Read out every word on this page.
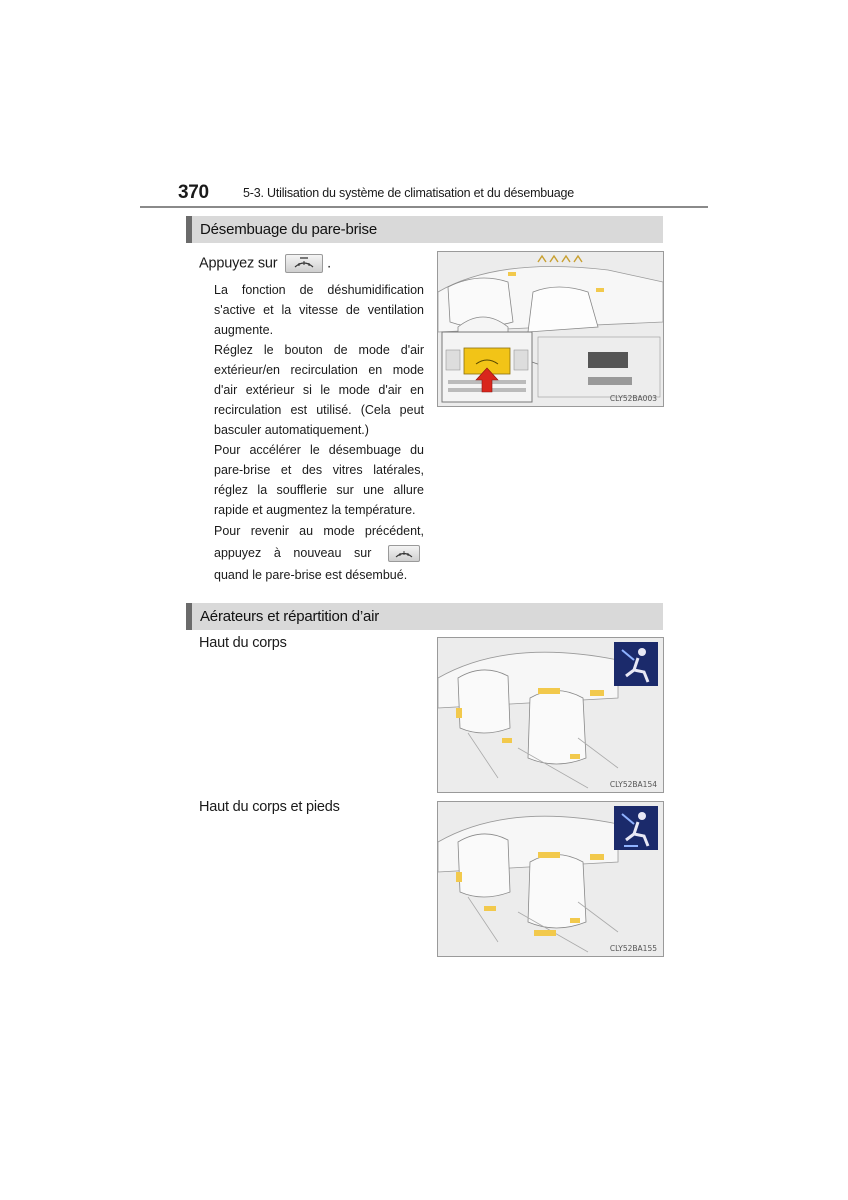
370	5-3. Utilisation du système de climatisation et du désembuage
Désembuage du pare-brise
Appuyez sur	.

La fonction de déshumidification s'active et la vitesse de ventilation augmente.

Réglez le bouton de mode d'air extérieur/en recirculation en mode d'air extérieur si le mode d'air en recirculation est utilisé. (Cela peut basculer automatiquement.)

Pour accélérer le désembuage du pare-brise et des vitres latérales, réglez la soufflerie sur une allure rapide et augmentez la température.

Pour revenir au mode précédent, appuyez à nouveau sur
quand le pare-brise est désembué.

CLY52BA003
Aérateurs et répartition d’air
Haut du corps
Haut du corps et pieds
CLY52BA154
CLY52BA155
